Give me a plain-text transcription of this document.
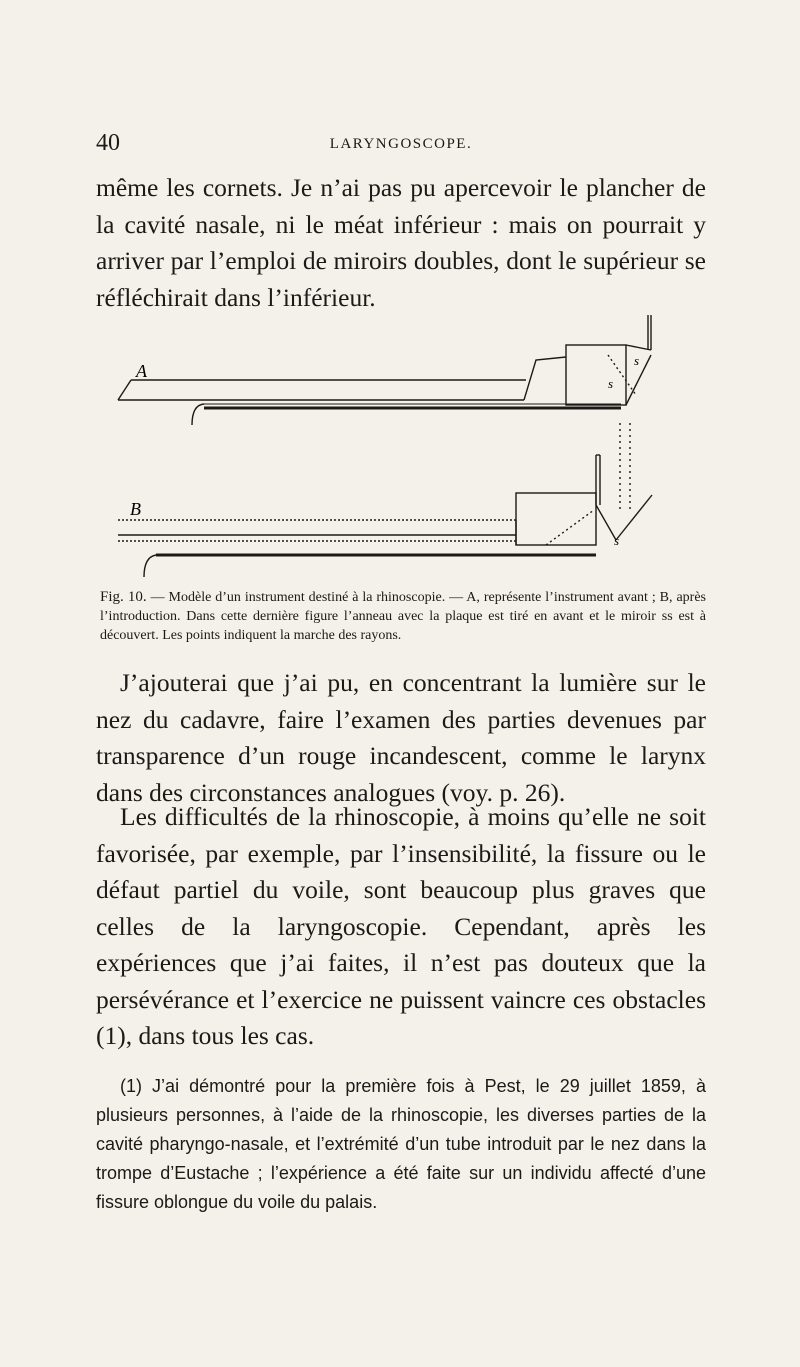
40	LARYNGOSCOPE.

même les cornets. Je n’ai pas pu apercevoir le plancher de la cavité nasale, ni le méat inférieur : mais on pourrait y arriver par l’emploi de miroirs doubles, dont le supérieur se réfléchirait dans l’inférieur.

A
B
s
s
s

Fig. 10. — Modèle d’un instrument destiné à la rhinoscopie. — A, représente l’instrument avant ; B, après l’introduction. Dans cette dernière figure l’anneau avec la plaque est tiré en avant et le miroir ss est à découvert. Les points indiquent la marche des rayons.

J’ajouterai que j’ai pu, en concentrant la lumière sur le nez du cadavre, faire l’examen des parties devenues par transparence d’un rouge incandescent, comme le larynx dans des circonstances analogues (voy. p. 26).

Les difficultés de la rhinoscopie, à moins qu’elle ne soit favorisée, par exemple, par l’insensibilité, la fissure ou le défaut partiel du voile, sont beaucoup plus graves que celles de la laryngoscopie. Cependant, après les expériences que j’ai faites, il n’est pas douteux que la persévérance et l’exercice ne puissent vaincre ces obstacles (1), dans tous les cas.

(1) J’ai démontré pour la première fois à Pest, le 29 juillet 1859, à plusieurs personnes, à l’aide de la rhinoscopie, les diverses parties de la cavité pharyngo-nasale, et l’extrémité d’un tube introduit par le nez dans la trompe d’Eustache ; l’expérience a été faite sur un individu affecté d’une fissure oblongue du voile du palais.
